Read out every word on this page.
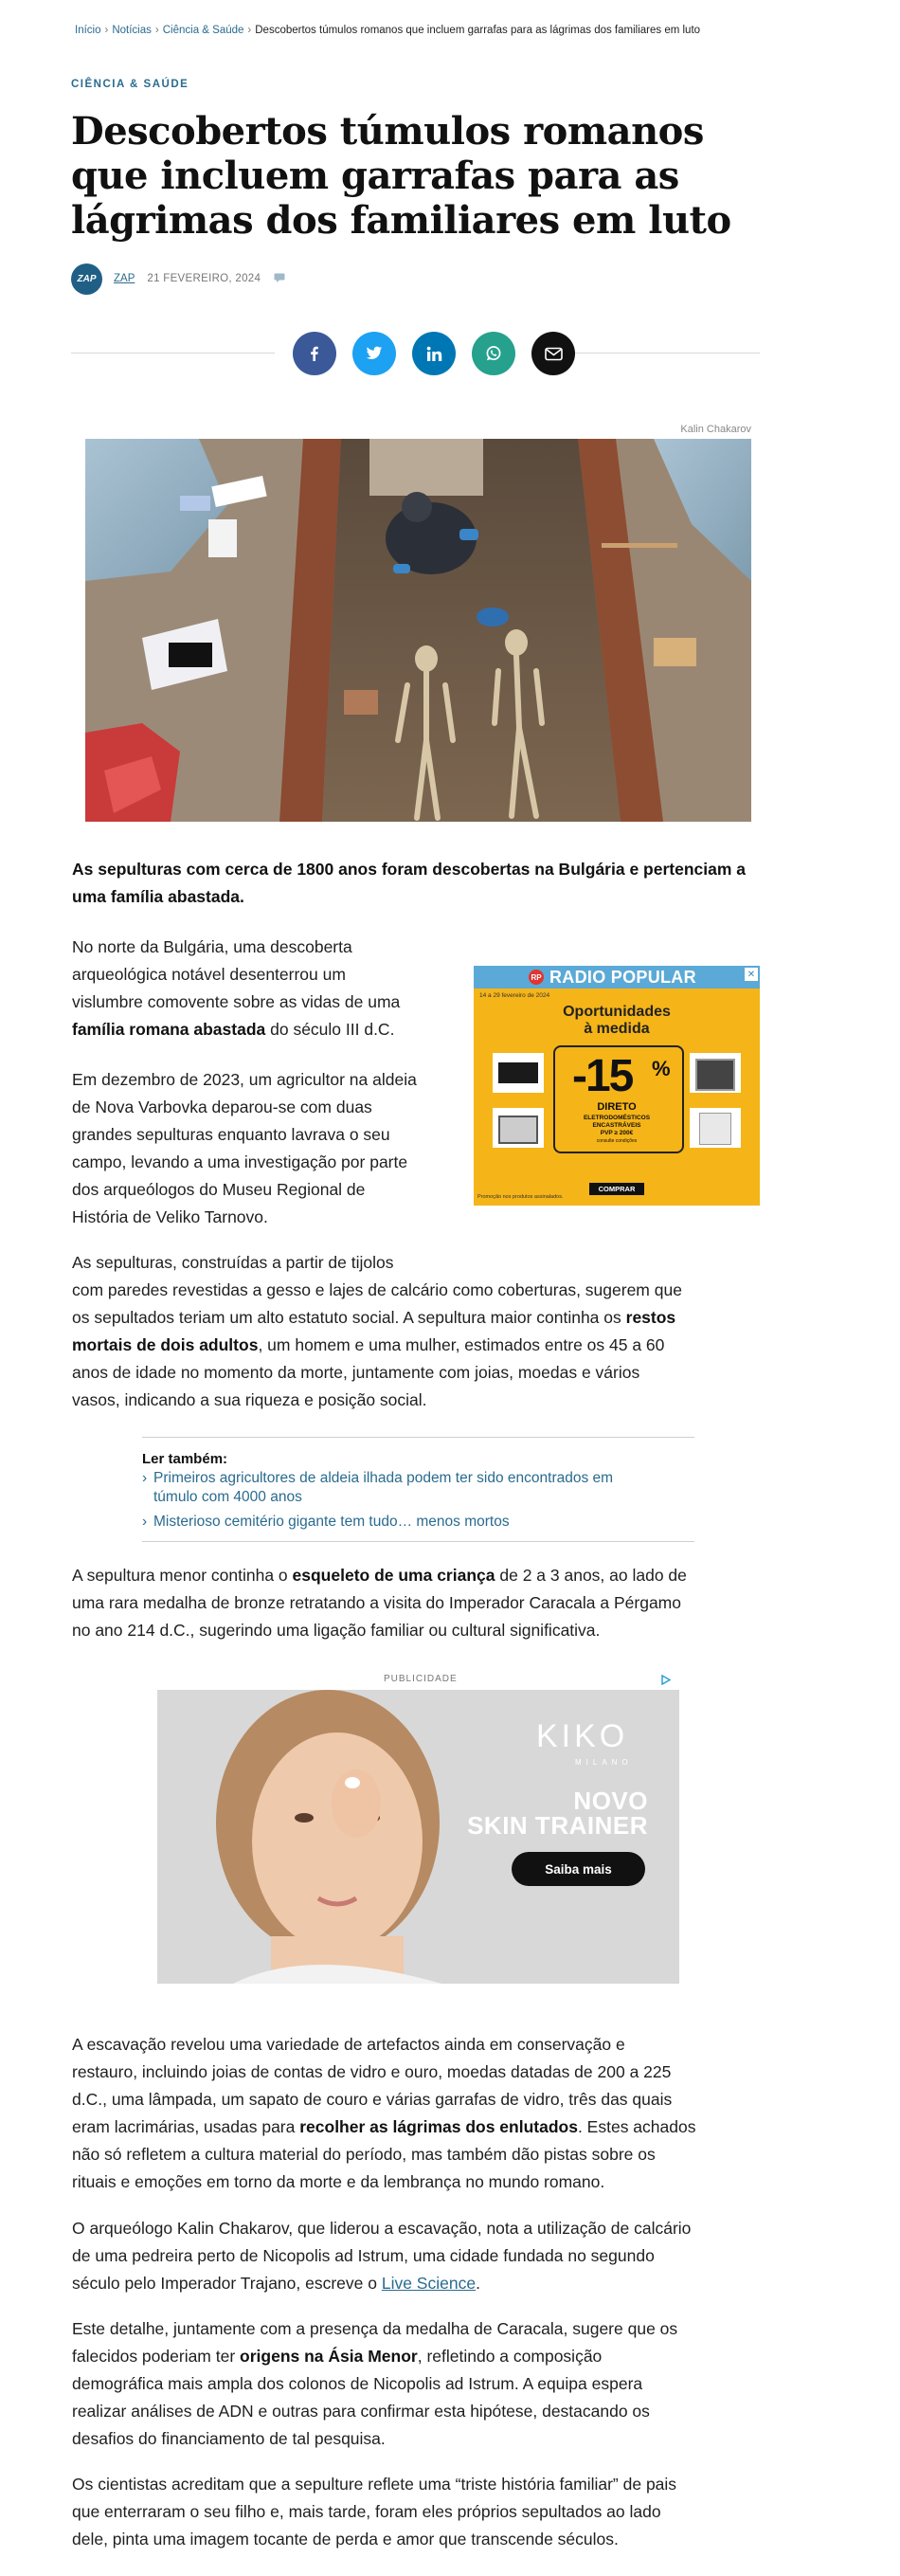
Início › Notícias › Ciência & Saúde › Descobertos túmulos romanos que incluem garrafas para as lágrimas dos familiares em luto
CIÊNCIA & SAÚDE
Descobertos túmulos romanos que incluem garrafas para as lágrimas dos familiares em luto
ZAP	ZAP 21 FEVEREIRO, 2024
Kalin Chakarov

As sepulturas com cerca de 1800 anos foram descobertas na Bulgária e pertenciam a uma família abastada.

No norte da Bulgária, uma descoberta
arqueológica notável desenterrou um
vislumbre comovente sobre as vidas de uma
família romana abastada do século III d.C.
RP RADIO POPULAR	✕
14 a 29 fevereiro de 2024
Oportunidades
à medida
-15 %
DIRETO
ELETRODOMÉSTICOS
ENCASTRÁVEIS
PVP ≥ 200€
consulte condições
COMPRAR
Promoção nos produtos assinalados.
Em dezembro de 2023, um agricultor na aldeia
de Nova Varbovka deparou-se com duas
grandes sepulturas enquanto lavrava o seu
campo, levando a uma investigação por parte
dos arqueólogos do Museu Regional de
História de Veliko Tarnovo.
As sepulturas, construídas a partir de tijolos
com paredes revestidas a gesso e lajes de calcário como coberturas, sugerem que
os sepultados teriam um alto estatuto social. A sepultura maior continha os restos
mortais de dois adultos, um homem e uma mulher, estimados entre os 45 a 60
anos de idade no momento da morte, juntamente com joias, moedas e vários
vasos, indicando a sua riqueza e posição social.
Ler também:
› Primeiros agricultores de aldeia ilhada podem ter sido encontrados em
túmulo com 4000 anos
› Misterioso cemitério gigante tem tudo… menos mortos
A sepultura menor continha o esqueleto de uma criança de 2 a 3 anos, ao lado de
uma rara medalha de bronze retratando a visita do Imperador Caracala a Pérgamo
no ano 214 d.C., sugerindo uma ligação familiar ou cultural significativa.
PUBLICIDADE
KIKO
MILANO
NOVO
SKIN TRAINER
Saiba mais
A escavação revelou uma variedade de artefactos ainda em conservação e
restauro, incluindo joias de contas de vidro e ouro, moedas datadas de 200 a 225
d.C., uma lâmpada, um sapato de couro e várias garrafas de vidro, três das quais
eram lacrimárias, usadas para recolher as lágrimas dos enlutados. Estes achados
não só refletem a cultura material do período, mas também dão pistas sobre os
rituais e emoções em torno da morte e da lembrança no mundo romano.
O arqueólogo Kalin Chakarov, que liderou a escavação, nota a utilização de calcário
de uma pedreira perto de Nicopolis ad Istrum, uma cidade fundada no segundo
século pelo Imperador Trajano, escreve o Live Science.
Este detalhe, juntamente com a presença da medalha de Caracala, sugere que os
falecidos poderiam ter origens na Ásia Menor, refletindo a composição
demográfica mais ampla dos colonos de Nicopolis ad Istrum. A equipa espera
realizar análises de ADN e outras para confirmar esta hipótese, destacando os
desafios do financiamento de tal pesquisa.
Os cientistas acreditam que a sepulture reflete uma “triste história familiar” de pais
que enterraram o seu filho e, mais tarde, foram eles próprios sepultados ao lado
dele, pinta uma imagem tocante de perda e amor que transcende séculos.
